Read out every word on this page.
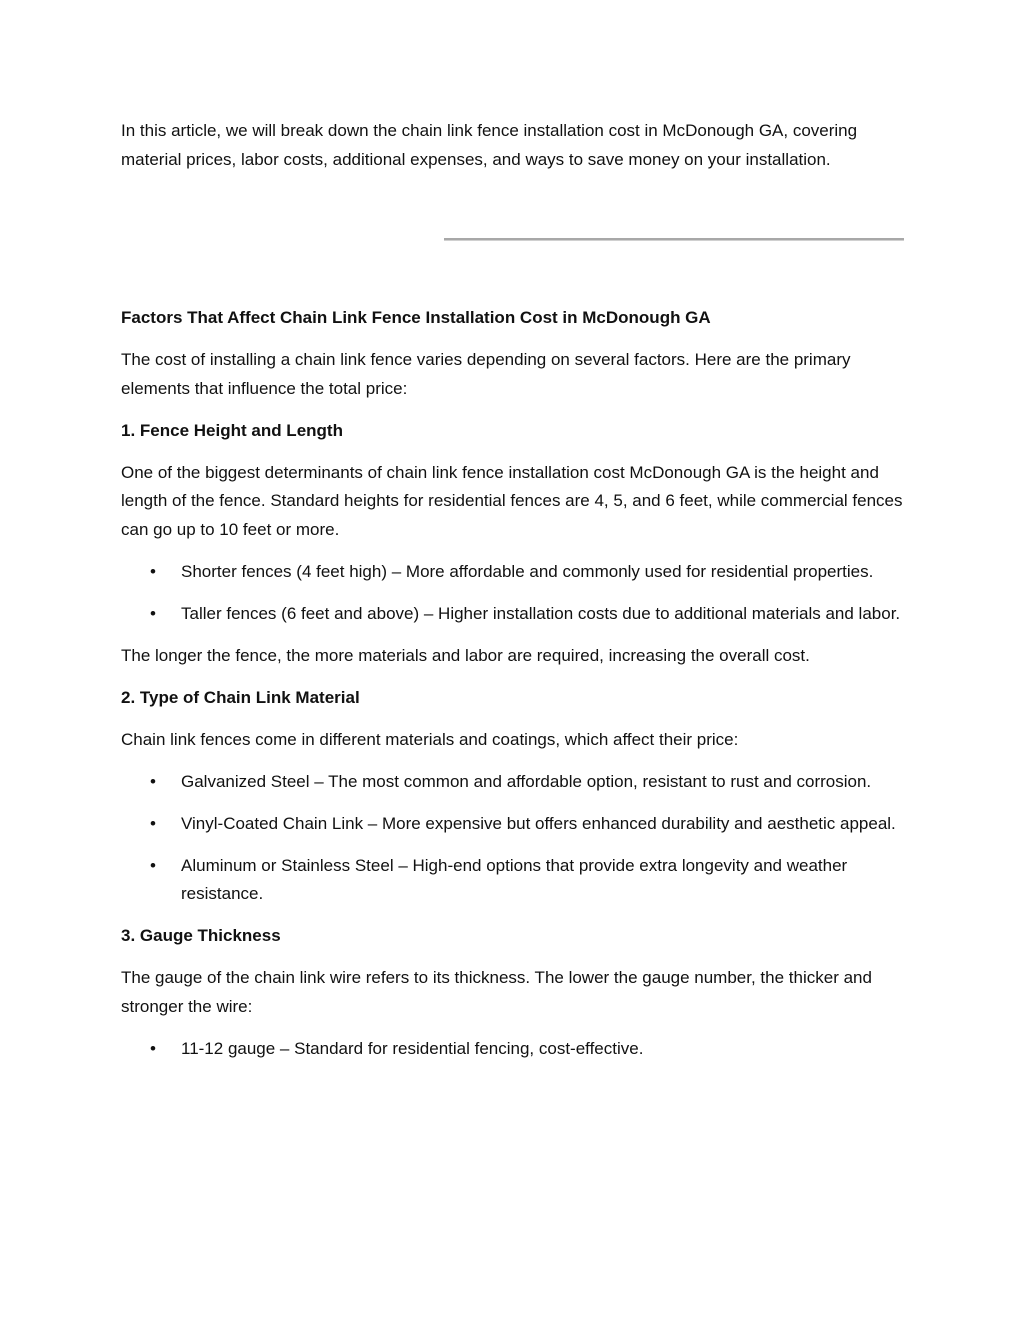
In this article, we will break down the chain link fence installation cost in McDonough GA, covering material prices, labor costs, additional expenses, and ways to save money on your installation.

Factors That Affect Chain Link Fence Installation Cost in McDonough GA

The cost of installing a chain link fence varies depending on several factors. Here are the primary elements that influence the total price:

1. Fence Height and Length

One of the biggest determinants of chain link fence installation cost McDonough GA is the height and length of the fence. Standard heights for residential fences are 4, 5, and 6 feet, while commercial fences can go up to 10 feet or more.

• Shorter fences (4 feet high) – More affordable and commonly used for residential properties.
• Taller fences (6 feet and above) – Higher installation costs due to additional materials and labor.

The longer the fence, the more materials and labor are required, increasing the overall cost.

2. Type of Chain Link Material

Chain link fences come in different materials and coatings, which affect their price:

• Galvanized Steel – The most common and affordable option, resistant to rust and corrosion.
• Vinyl-Coated Chain Link – More expensive but offers enhanced durability and aesthetic appeal.
• Aluminum or Stainless Steel – High-end options that provide extra longevity and weather resistance.
3. Gauge Thickness

The gauge of the chain link wire refers to its thickness. The lower the gauge number, the thicker and stronger the wire:

• 11-12 gauge – Standard for residential fencing, cost-effective.
